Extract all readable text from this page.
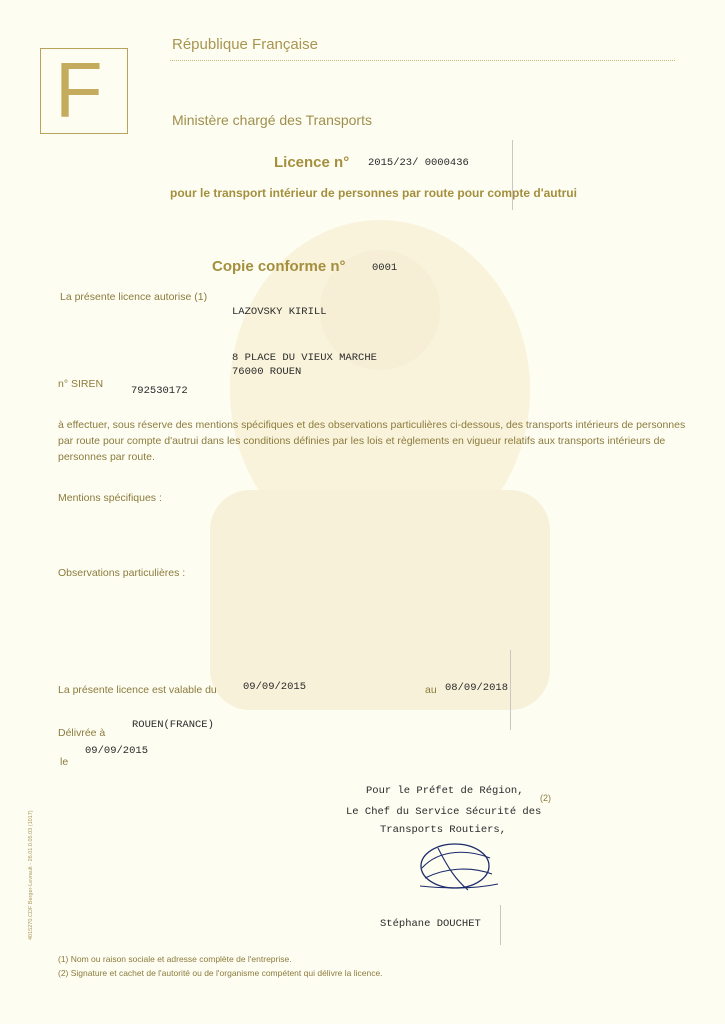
F
République Française
Ministère chargé des Transports
Licence n° 2015/23/ 0000436
pour le transport intérieur de personnes par route pour compte d'autrui
Copie conforme n°	0001
La présente licence autorise (1)
LAZOVSKY KIRILL
8 PLACE DU VIEUX MARCHE
76000 ROUEN
n° SIREN
792530172
à effectuer, sous réserve des mentions spécifiques et des observations particulières ci-dessous, des transports intérieurs de personnes par route pour compte d'autrui dans les conditions définies par les lois et règlements en vigueur relatifs aux transports intérieurs de personnes par route.
Mentions spécifiques :
Observations particulières :
La présente licence est valable du 09/09/2015	au 08/09/2018
Délivrée à
ROUEN(FRANCE)
09/09/2015
le
Pour le Préfet de Région,
Le Chef du Service Sécurité des
(2)
Transports Routiers,
Stéphane DOUCHET
(1) Nom ou raison sociale et adresse complète de l'entreprise.
(2) Signature et cachet de l'autorité ou de l'organisme compétent qui délivre la licence.
4015270.CDF Berger-Levrault - 26.01.0.05.03 (1017)
